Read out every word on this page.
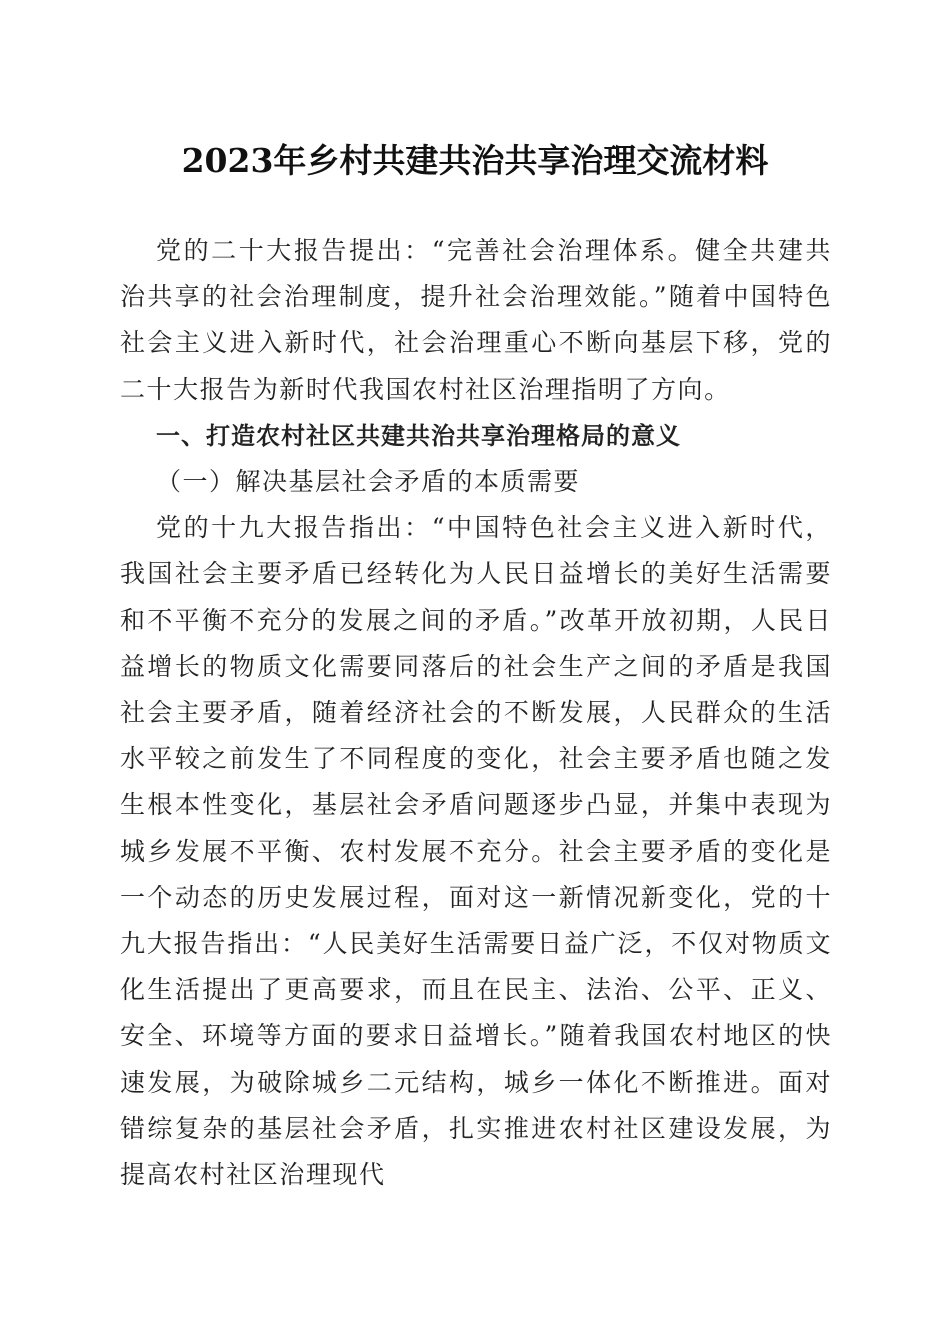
2023年乡村共建共治共享治理交流材料

党的二十大报告提出：“完善社会治理体系。健全共建共治共享的社会治理制度，提升社会治理效能。”随着中国特色社会主义进入新时代，社会治理重心不断向基层下移，党的二十大报告为新时代我国农村社区治理指明了方向。

一、打造农村社区共建共治共享治理格局的意义

（一）解决基层社会矛盾的本质需要

党的十九大报告指出：“中国特色社会主义进入新时代，我国社会主要矛盾已经转化为人民日益增长的美好生活需要和不平衡不充分的发展之间的矛盾。”改革开放初期，人民日益增长的物质文化需要同落后的社会生产之间的矛盾是我国社会主要矛盾，随着经济社会的不断发展，人民群众的生活水平较之前发生了不同程度的变化，社会主要矛盾也随之发生根本性变化，基层社会矛盾问题逐步凸显，并集中表现为城乡发展不平衡、农村发展不充分。社会主要矛盾的变化是一个动态的历史发展过程，面对这一新情况新变化，党的十九大报告指出：“人民美好生活需要日益广泛，不仅对物质文化生活提出了更高要求，而且在民主、法治、公平、正义、安全、环境等方面的要求日益增长。”随着我国农村地区的快速发展，为破除城乡二元结构，城乡一体化不断推进。面对错综复杂的基层社会矛盾，扎实推进农村社区建设发展，为提高农村社区治理现代
